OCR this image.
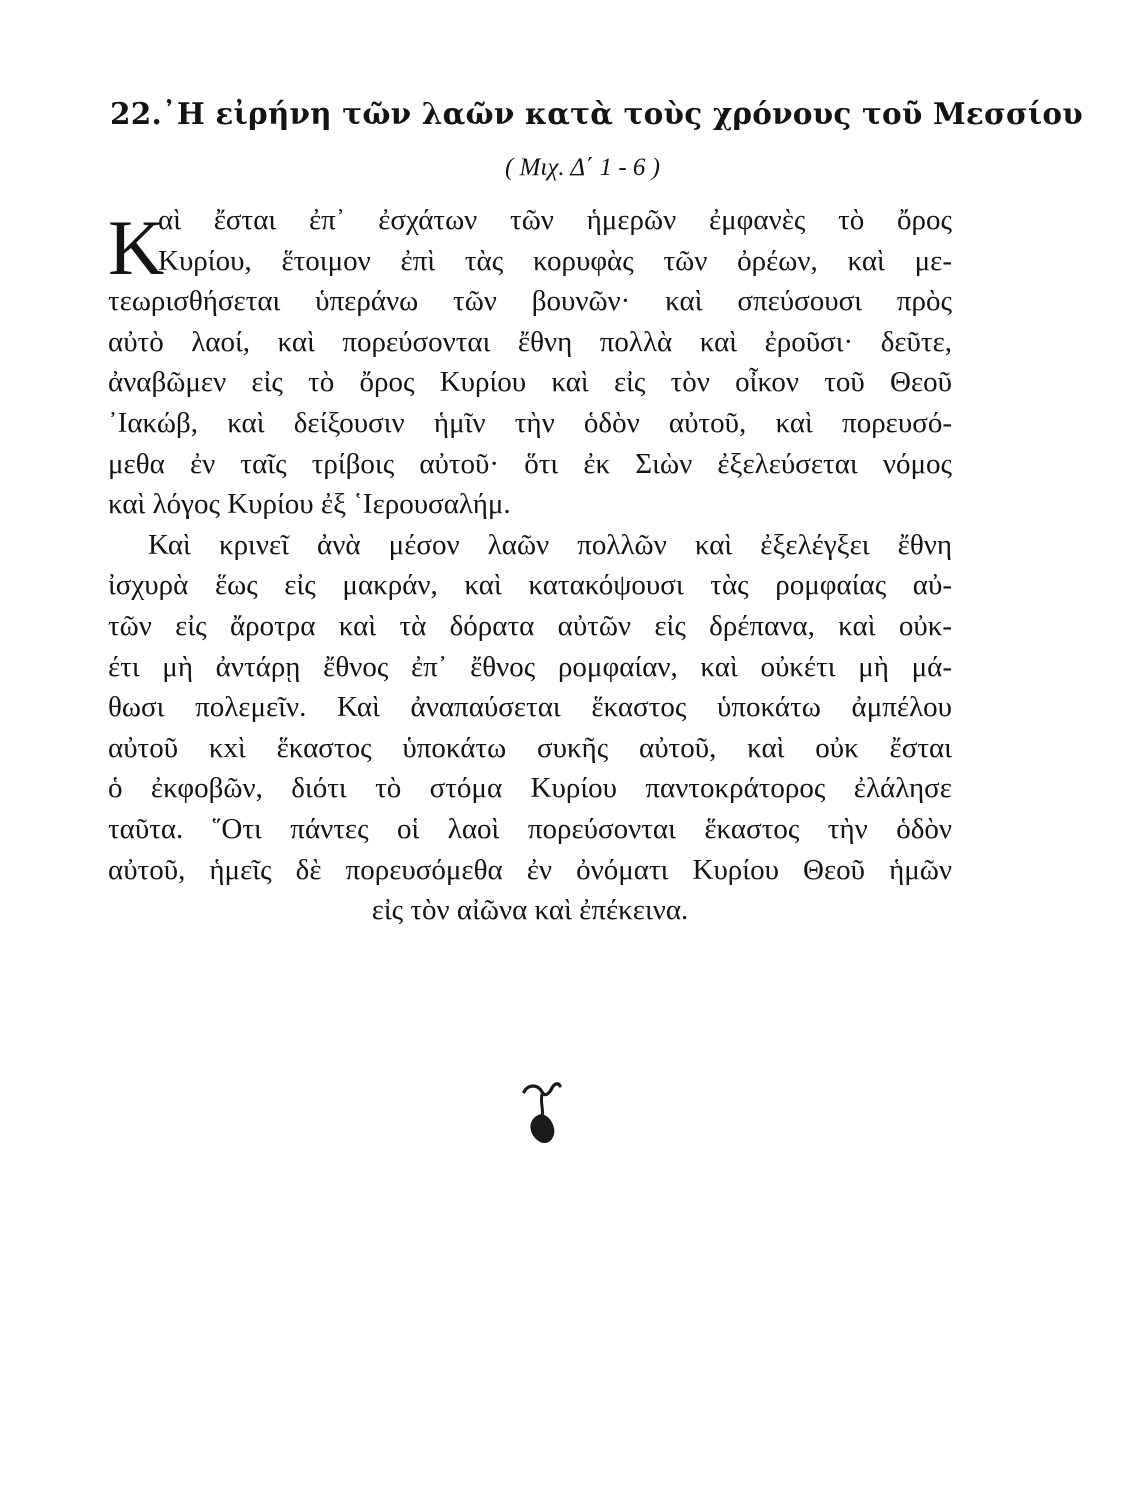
22.᾿Η εἰρήνη τῶν λαῶν κατὰ τοὺς χρόνους τοῦ Μεσσίου
( Μιχ. Δ΄ 1 - 6 )
Κ
αὶ ἔσται ἐπ᾿ ἐσχάτων τῶν ἡμερῶν ἐμφανὲς τὸ ὄρος
Κυρίου, ἕτοιμον ἐπὶ τὰς κορυφὰς τῶν ὀρέων, καὶ με-
τεωρισθήσεται ὑπεράνω τῶν βουνῶν· καὶ σπεύσουσι πρὸς
αὐτὸ λαοί, καὶ πορεύσονται ἔθνη πολλὰ καὶ ἐροῦσι· δεῦτε,
ἀναβῶμεν εἰς τὸ ὄρος Κυρίου καὶ εἰς τὸν οἶκον τοῦ Θεοῦ
᾿Ιακώβ, καὶ δείξουσιν ἡμῖν τὴν ὁδὸν αὐτοῦ, καὶ πορευσό-
μεθα ἐν ταῖς τρίβοις αὐτοῦ· ὅτι ἐκ Σιὼν ἐξελεύσεται νόμος
καὶ λόγος Κυρίου ἐξ ῾Ιερουσαλήμ.
Καὶ κρινεῖ ἀνὰ μέσον λαῶν πολλῶν καὶ ἐξελέγξει ἔθνη
ἰσχυρὰ ἕως εἰς μακράν, καὶ κατακόψουσι τὰς ρομφαίας αὐ-
τῶν εἰς ἄροτρα καὶ τὰ δόρατα αὐτῶν εἰς δρέπανα, καὶ οὐκ-
έτι μὴ ἀντάρῃ ἔθνος ἐπ᾿ ἔθνος ρομφαίαν, καὶ οὐκέτι μὴ μά-
θωσι πολεμεῖν. Καὶ ἀναπαύσεται ἕκαστος ὑποκάτω ἀμπέλου
αὐτοῦ κxὶ ἕκαστος ὑποκάτω συκῆς αὐτοῦ, καὶ οὐκ ἔσται
ὁ ἐκφοβῶν, διότι τὸ στόμα Κυρίου παντοκράτορος ἐλάλησε
ταῦτα. ῞Οτι πάντες οἱ λαοὶ πορεύσονται ἕκαστος τὴν ὁδὸν
αὐτοῦ, ἡμεῖς δὲ πορευσόμεθα ἐν ὀνόματι Κυρίου Θεοῦ ἡμῶν
εἰς τὸν αἰῶνα καὶ ἐπέκεινα.
